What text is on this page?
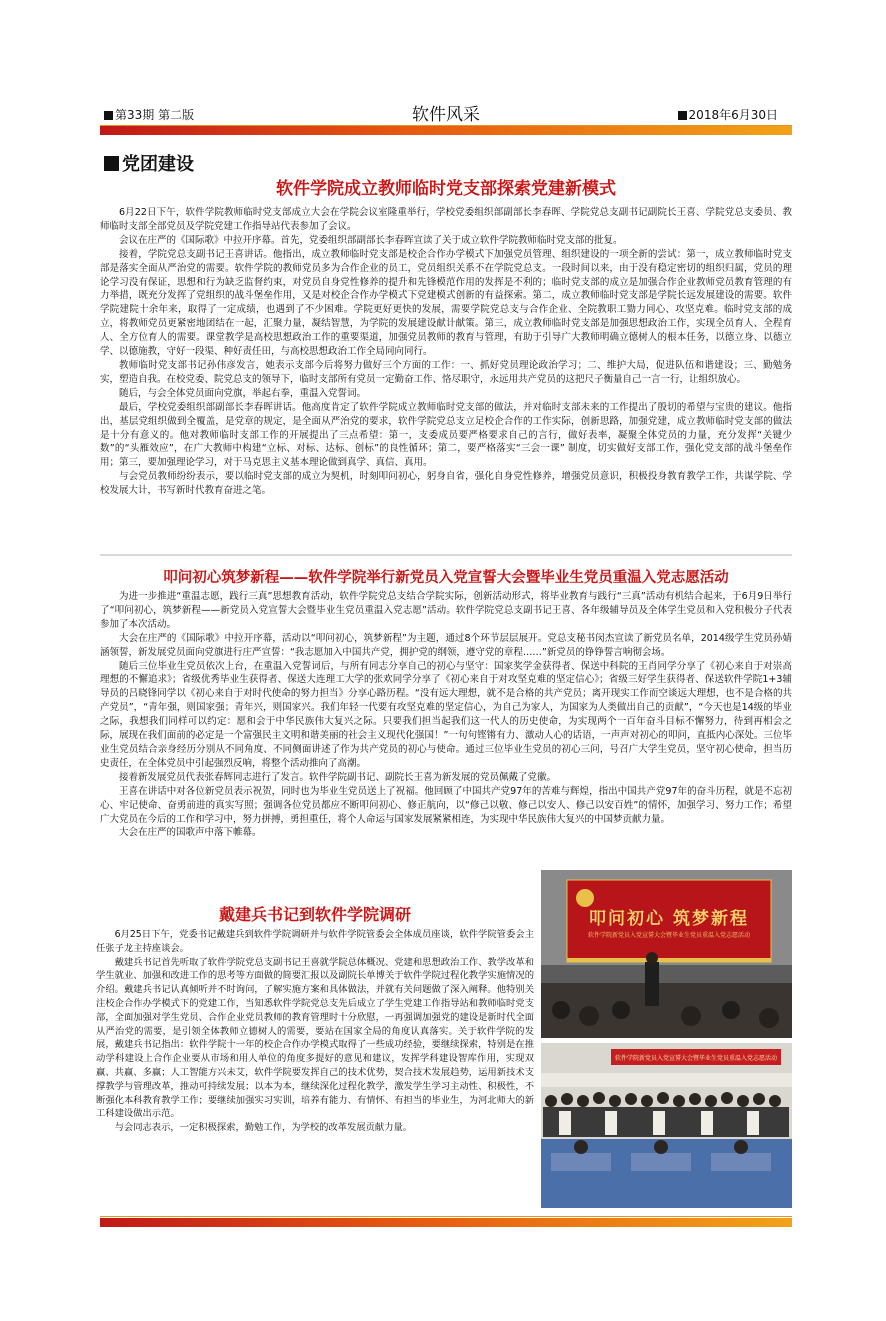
第33期 第二版	软件风采	2018年6月30日
党团建设
软件学院成立教师临时党支部探索党建新模式

6月22日下午，软件学院教师临时党支部成立大会在学院会议室隆重举行，学校党委组织部副部长李春晖、学院党总支副书记副院长王喜、学院党总支委员、教师临时支部全部党员及学院党建工作指导站代表参加了会议。

会议在庄严的《国际歌》中拉开序幕。首先，党委组织部副部长李春晖宣读了关于成立软件学院教师临时党支部的批复。

接着，学院党总支副书记王喜讲话。他指出，成立教师临时党支部是校企合作办学模式下加强党员管理、组织建设的一项全新的尝试：第一，成立教师临时党支部是落实全面从严治党的需要。软件学院的教师党员多为合作企业的员工，党员组织关系不在学院党总支。一段时间以来，由于没有稳定密切的组织归属，党员的理论学习没有保证，思想和行为缺乏监督约束，对党员自身党性修养的提升和先锋模范作用的发挥是不利的；临时党支部的成立是加强合作企业教师党员教育管理的有力举措，既充分发挥了党组织的战斗堡垒作用，又是对校企合作办学模式下党建模式创新的有益探索。第二，成立教师临时党支部是学院长远发展建设的需要。软件学院建院十余年来，取得了一定成绩，也遇到了不少困难。学院更好更快的发展，需要学院党总支与合作企业、全院教职工勠力同心、攻坚克难。临时党支部的成立，将教师党员更紧密地团结在一起，汇聚力量，凝结智慧，为学院的发展建设献计献策。第三，成立教师临时党支部是加强思想政治工作，实现全员育人、全程育人、全方位育人的需要。课堂教学是高校思想政治工作的重要渠道，加强党员教师的教育与管理，有助于引导广大教师明确立德树人的根本任务，以德立身、以德立学、以德施教，守好一段渠、种好责任田，与高校思想政治工作全局同向同行。

教师临时党支部书记孙伟彦发言，她表示支部今后将努力做好三个方面的工作：一、抓好党员理论政治学习；二、维护大局，促进队伍和谐建设；三、勤勉务实，塑造自我。在校党委、院党总支的领导下，临时支部所有党员一定勤奋工作、恪尽职守，永远用共产党员的这把尺子衡量自己一言一行，让组织放心。

随后，与会全体党员面向党旗，举起右拳，重温入党誓词。

最后，学校党委组织部副部长李春晖讲话。他高度肯定了软件学院成立教师临时党支部的做法，并对临时支部未来的工作提出了殷切的希望与宝贵的建议。他指出，基层党组织做到全覆盖，是党章的规定，是全面从严治党的要求，软件学院党总支立足校企合作的工作实际，创新思路，加强党建，成立教师临时党支部的做法是十分有意义的。他对教师临时支部工作的开展提出了三点希望：第一，支委成员要严格要求自己的言行，做好表率，凝聚全体党员的力量，充分发挥“关键少数”的“头雁效应”，在广大教师中构建“立标、对标、达标、创标”的良性循环；第二，要严格落实“三会一课” 制度，切实做好支部工作，强化党支部的战斗堡垒作用；第三，要加强理论学习，对于马克思主义基本理论做到真学、真信、真用。

与会党员教师纷纷表示，要以临时党支部的成立为契机，时刻叩问初心，躬身自省，强化自身党性修养，增强党员意识，积极投身教育教学工作，共谋学院、学校发展大计，书写新时代教育奋进之笔。

叩问初心筑梦新程——软件学院举行新党员入党宣誓大会暨毕业生党员重温入党志愿活动

为进一步推进“重温志愿，践行三真”思想教育活动，软件学院党总支结合学院实际，创新活动形式，将毕业教育与践行“三真”活动有机结合起来，于6月9日举行了“叩问初心，筑梦新程——新党员入党宣誓大会暨毕业生党员重温入党志愿”活动。软件学院党总支副书记王喜、各年级辅导员及全体学生党员和入党积极分子代表参加了本次活动。

大会在庄严的《国际歌》中拉开序幕，活动以“叩问初心，筑梦新程”为主题，通过8个环节层层展开。党总支秘书闵杰宣读了新党员名单，2014级学生党员孙婧涵领誓，新发展党员面向党旗进行庄严宣誓：“我志愿加入中国共产党，拥护党的纲领，遵守党的章程……”新党员的铮铮誓言响彻会场。

随后三位毕业生党员依次上台，在重温入党誓词后，与所有同志分享自己的初心与坚守：国家奖学金获得者、保送中科院的王肖同学分享了《初心来自于对崇高理想的不懈追求》；省级优秀毕业生获得者、保送大连理工大学的张欢同学分享了《初心来自于对攻坚克难的坚定信心》；省级三好学生获得者、保送软件学院1+3辅导员的吕晓锋同学以《初心来自于对时代使命的努力担当》分享心路历程。“没有远大理想，就不是合格的共产党员；离开现实工作而空谈远大理想，也不是合格的共产党员”，“青年强，则国家强；青年兴，则国家兴。我们年轻一代要有攻坚克难的坚定信心，为自己为家人，为国家为人类做出自己的贡献”，“今天也是14级的毕业之际，我想我们同样可以约定：愿和会于中华民族伟大复兴之际。只要我们担当起我们这一代人的历史使命，为实现两个一百年奋斗目标不懈努力，待到再相会之际，展现在我们面前的必定是一个富强民主文明和谐美丽的社会主义现代化强国！”一句句铿锵有力、激动人心的话语，一声声对初心的叩问，直抵内心深处。三位毕业生党员结合亲身经历分别从不同角度、不同侧面讲述了作为共产党员的初心与使命。通过三位毕业生党员的初心三问，号召广大学生党员，坚守初心使命，担当历史责任，在全体党员中引起强烈反响，将整个活动推向了高潮。

接着新发展党员代表张春辉同志进行了发言。软件学院副书记、副院长王喜为新发展的党员佩戴了党徽。

王喜在讲话中对各位新党员表示祝贺，同时也为毕业生党员送上了祝福。他回顾了中国共产党97年的苦难与辉煌，指出中国共产党97年的奋斗历程，就是不忘初心、牢记使命、奋勇前进的真实写照；强调各位党员都应不断叩问初心、修正航向，以“修己以敬、修己以安人、修己以安百姓”的情怀，加强学习、努力工作；希望广大党员在今后的工作和学习中，努力拼搏，勇担重任，将个人命运与国家发展紧紧相连，为实现中华民族伟大复兴的中国梦贡献力量。

大会在庄严的国歌声中落下帷幕。

戴建兵书记到软件学院调研

6月25日下午，党委书记戴建兵到软件学院调研并与软件学院管委会全体成员座谈，软件学院管委会主任张子龙主持座谈会。

戴建兵书记首先听取了软件学院党总支副书记王喜就学院总体概况、党建和思想政治工作、教学改革和学生就业、加强和改进工作的思考等方面做的简要汇报以及副院长单博关于软件学院过程化教学实施情况的介绍。戴建兵书记认真倾听并不时询问，了解实施方案和具体做法，并就有关问题做了深入阐释。他特别关注校企合作办学模式下的党建工作，当知悉软件学院党总支先后成立了学生党建工作指导站和教师临时党支部，全面加强对学生党员、合作企业党员教师的教育管理时十分欣慰，一再强调加强党的建设是新时代全面从严治党的需要，是引领全体教师立德树人的需要，要站在国家全局的角度认真落实。关于软件学院的发展，戴建兵书记指出：软件学院十一年的校企合作办学模式取得了一些成功经验，要继续探索，特别是在推动学科建设上合作企业要从市场和用人单位的角度多提好的意见和建议，发挥学科建设智库作用，实现双赢、共赢、多赢；人工智能方兴未艾，软件学院要发挥自己的技术优势，契合技术发展趋势，运用新技术支撑教学与管理改革，推动可持续发展；以本为本，继续深化过程化教学，激发学生学习主动性、积极性，不断强化本科教育教学工作；要继续加强实习实训，培养有能力、有情怀、有担当的毕业生，为河北师大的新工科建设做出示范。

与会同志表示，一定积极探索，勤勉工作，为学校的改革发展贡献力量。

叩问初心 筑梦新程
软件学院新党员入党宣誓大会暨毕业生党员重温入党志愿活动
软件学院新党员入党宣誓大会暨毕业生党员重温入党志愿活动
